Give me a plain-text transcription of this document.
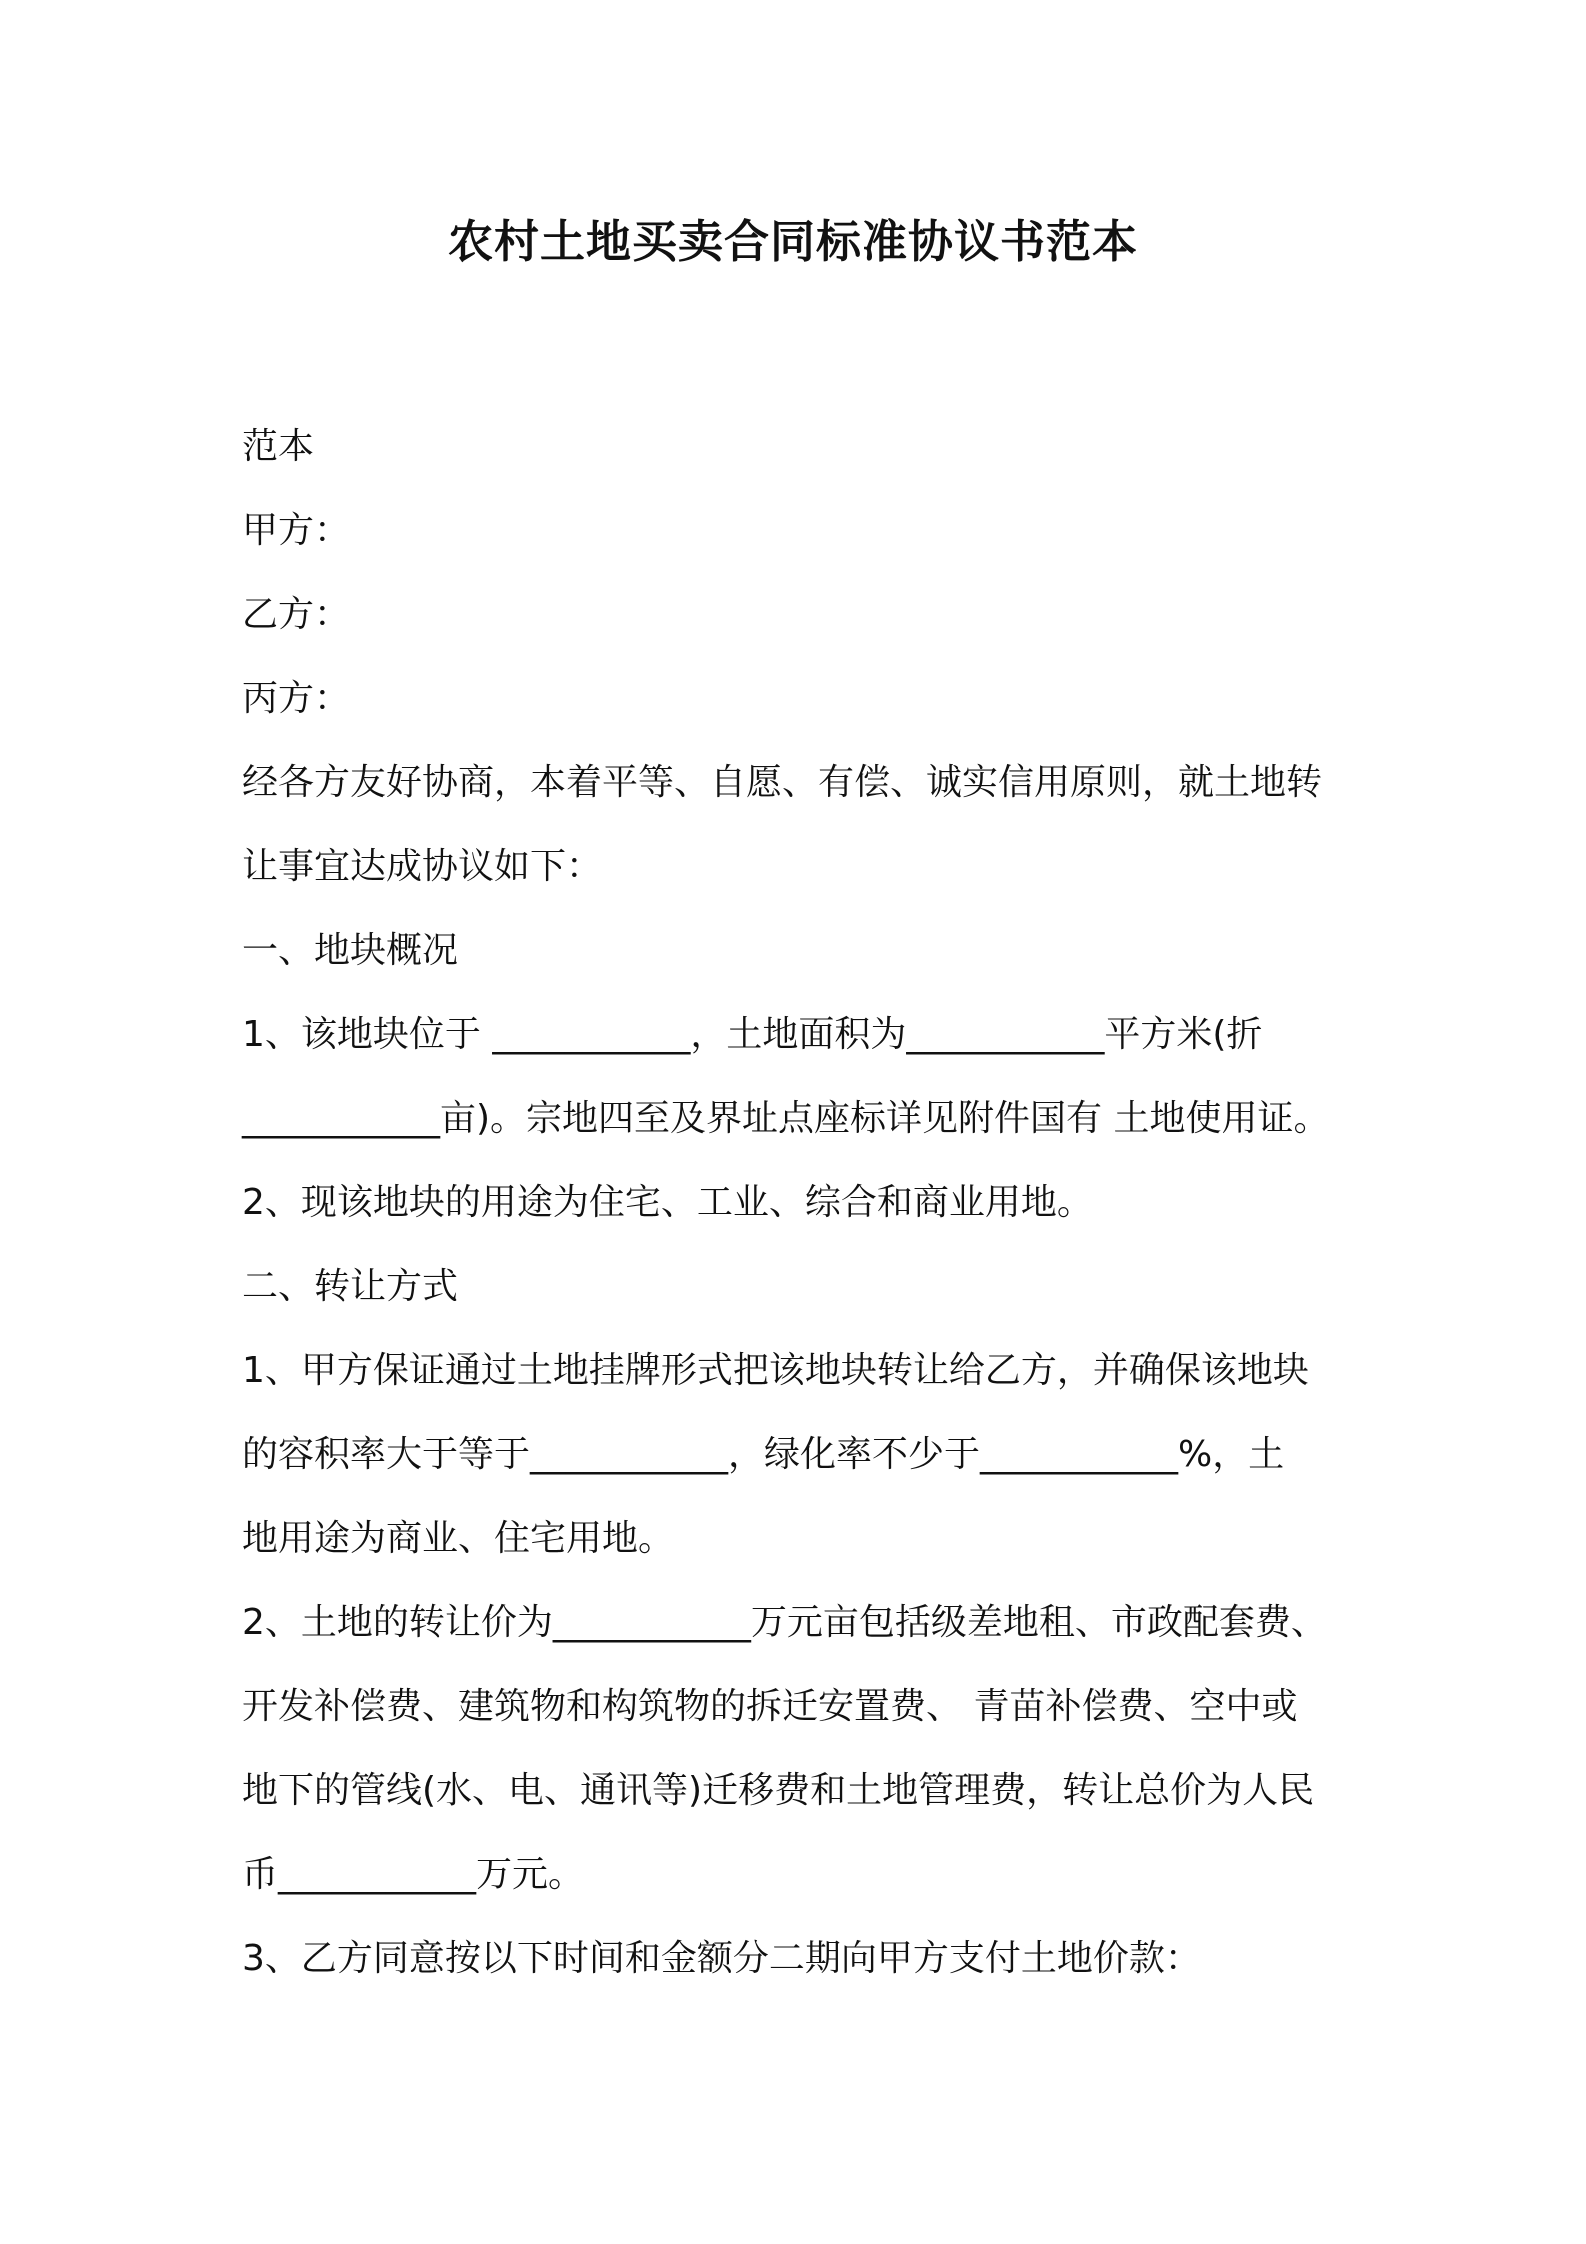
农村土地买卖合同标准协议书范本
范本
甲方：
乙方：
丙方：
经各方友好协商，本着平等、自愿、有偿、诚实信用原则，就土地转
让事宜达成协议如下：
一、地块概况
1、该地块位于 ___________，土地面积为___________平方米(折
___________亩)。宗地四至及界址点座标详见附件国有 土地使用证。
2、现该地块的用途为住宅、工业、综合和商业用地。
二、转让方式
1、甲方保证通过土地挂牌形式把该地块转让给乙方，并确保该地块
的容积率大于等于___________，绿化率不少于___________%，土
地用途为商业、住宅用地。
2、土地的转让价为___________万元亩包括级差地租、市政配套费、
开发补偿费、建筑物和构筑物的拆迁安置费、 青苗补偿费、空中或
地下的管线(水、电、通讯等)迁移费和土地管理费，转让总价为人民
币___________万元。
3、乙方同意按以下时间和金额分二期向甲方支付土地价款：
